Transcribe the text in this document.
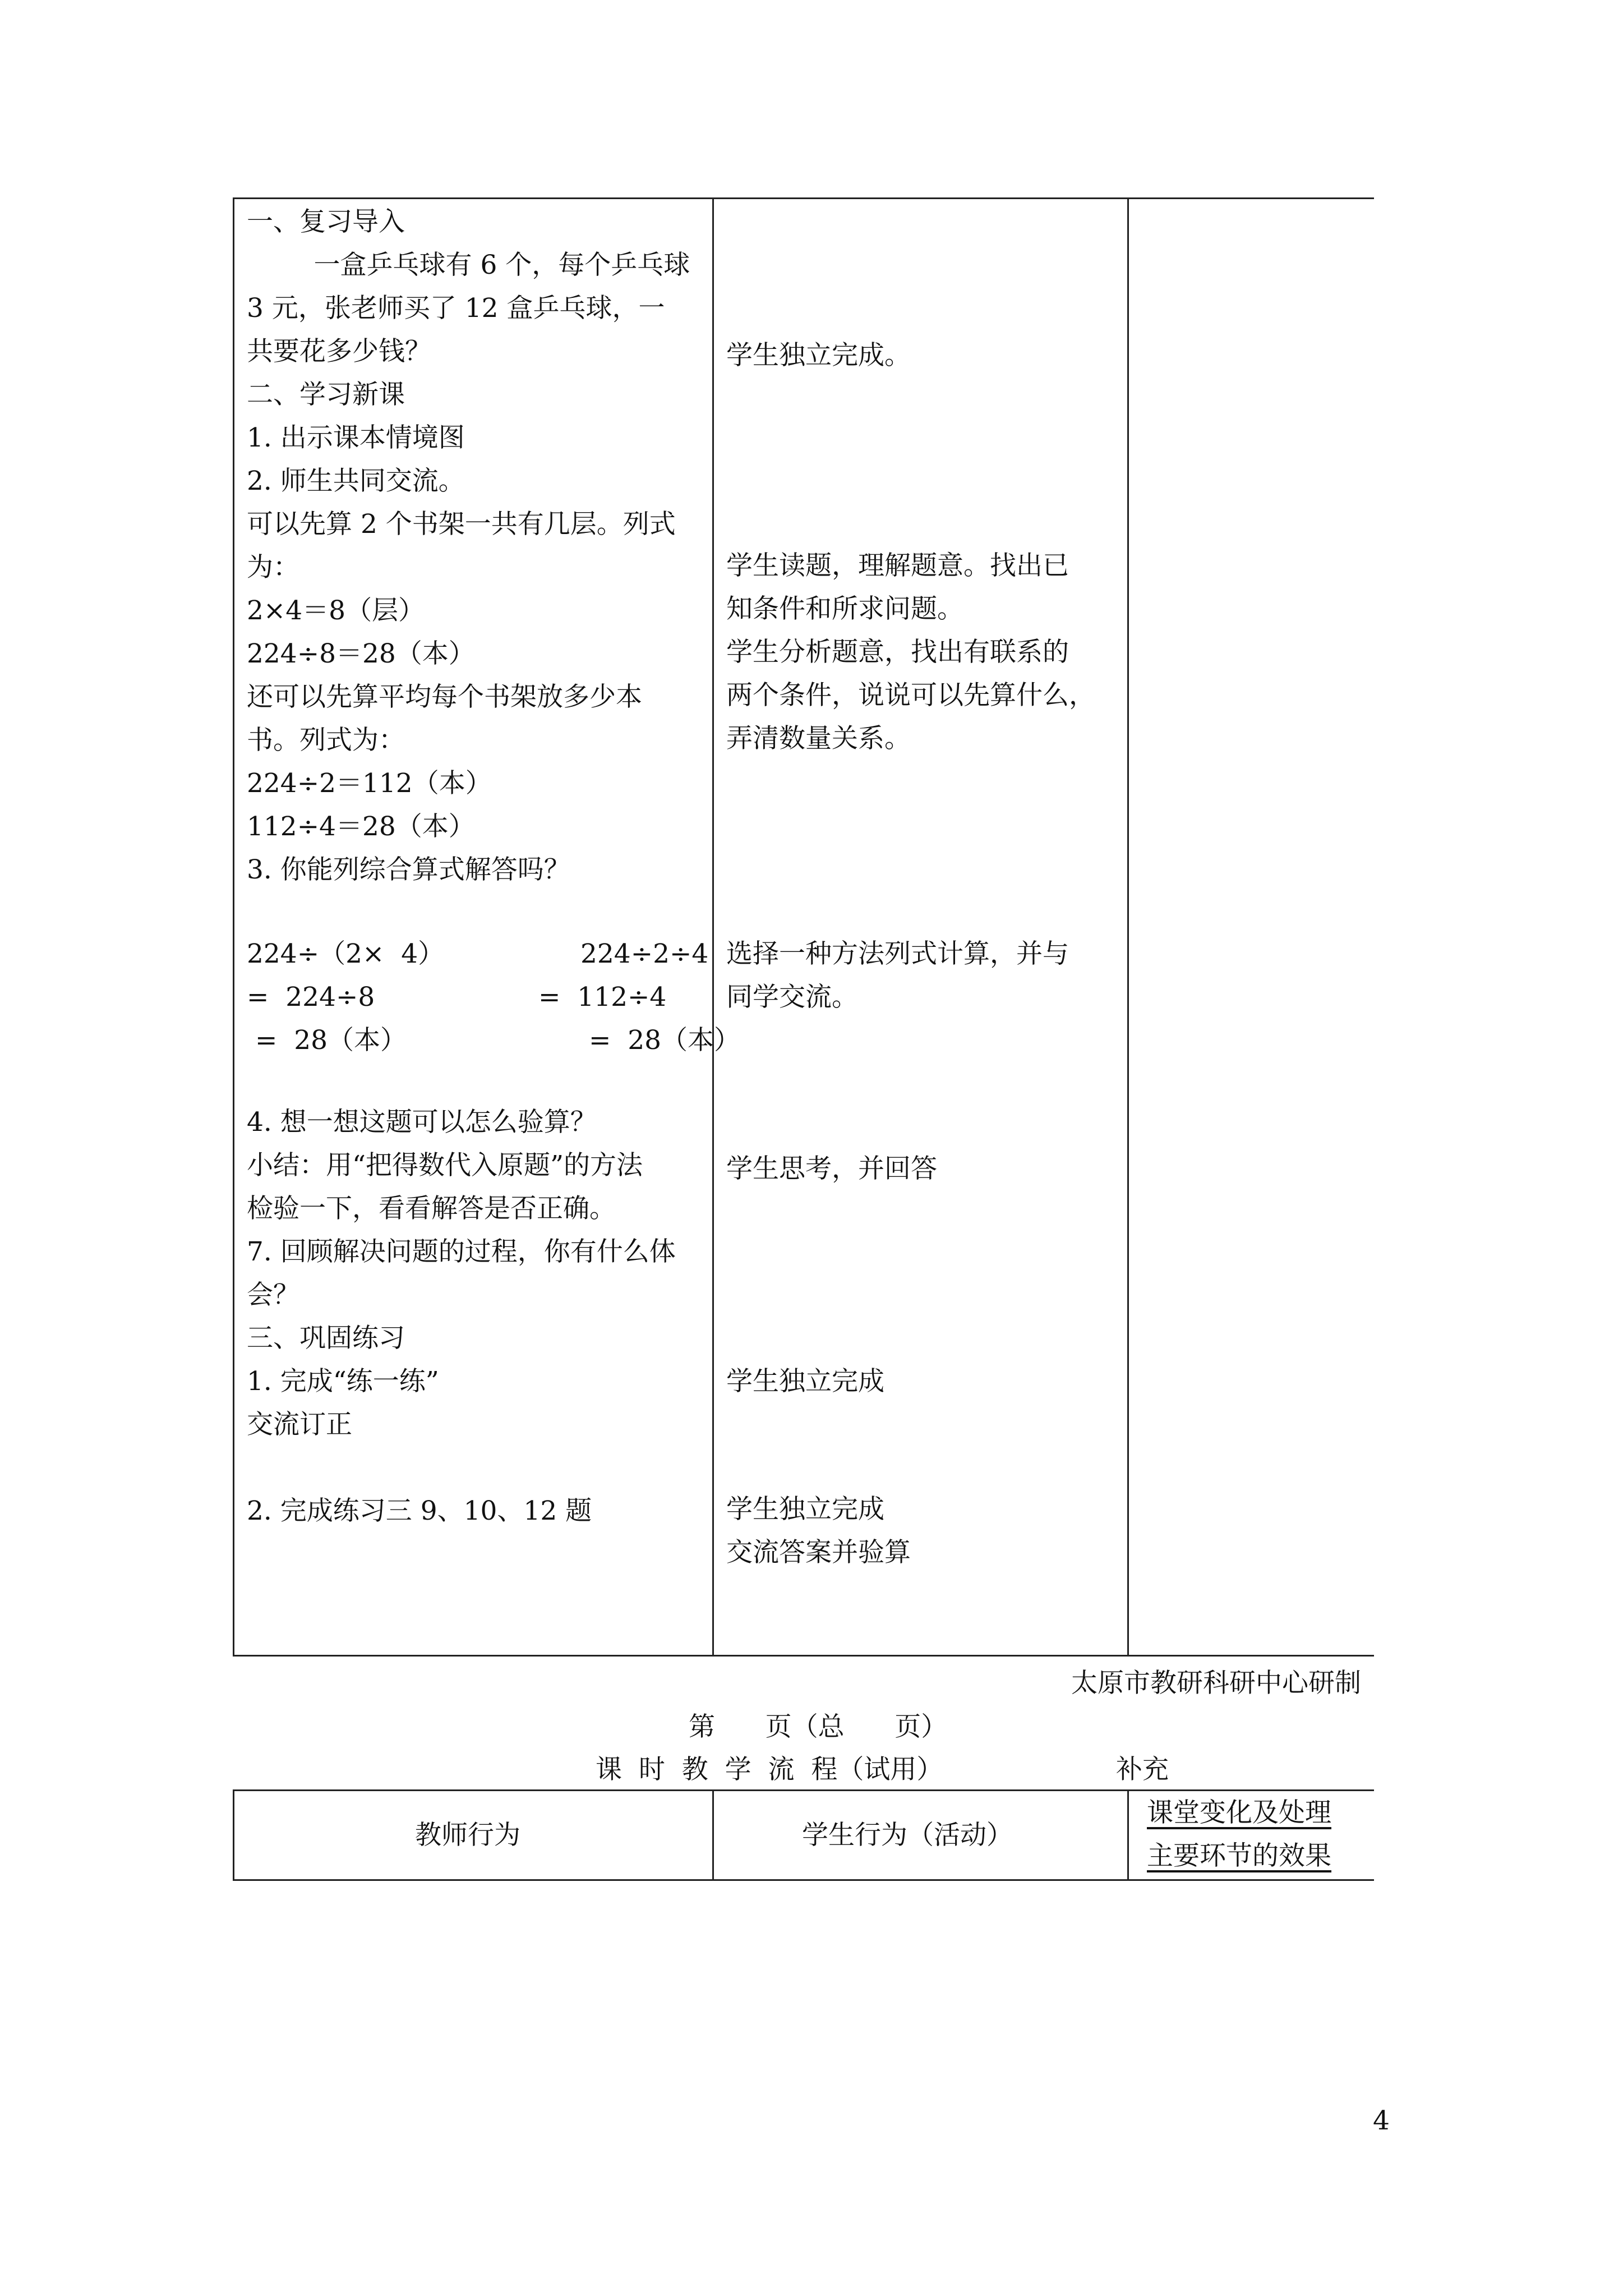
一、复习导入
一盒乒乓球有 6 个，每个乒乓球
3 元，张老师买了 12 盒乒乓球，一
共要花多少钱？
二、学习新课
1. 出示课本情境图
2. 师生共同交流。
可以先算 2 个书架一共有几层。列式
为：
2×4＝8（层）
224÷8＝28（本）
还可以先算平均每个书架放多少本
书。列式为：
224÷2＝112（本）
112÷4＝28（本）
3. 你能列综合算式解答吗？
224÷（2×  4）
=  224÷8
=  28（本）
224÷2÷4
=  112÷4
=  28（本）
4. 想一想这题可以怎么验算？
小结：用“把得数代入原题”的方法
检验一下，看看解答是否正确。
7. 回顾解决问题的过程，你有什么体
会？
三、巩固练习
1. 完成“练一练”
交流订正
2. 完成练习三 9、10、12 题
学生独立完成。
学生读题，理解题意。找出已
知条件和所求问题。
学生分析题意，找出有联系的
两个条件，说说可以先算什么，
弄清数量关系。
选择一种方法列式计算，并与
同学交流。
学生思考，并回答
学生独立完成
学生独立完成
交流答案并验算
太原市教研科研中心研制
第      页（总      页）
课  时  教  学  流  程（试用）	补充
教师行为	学生行为（活动）
课堂变化及处理
主要环节的效果
4
